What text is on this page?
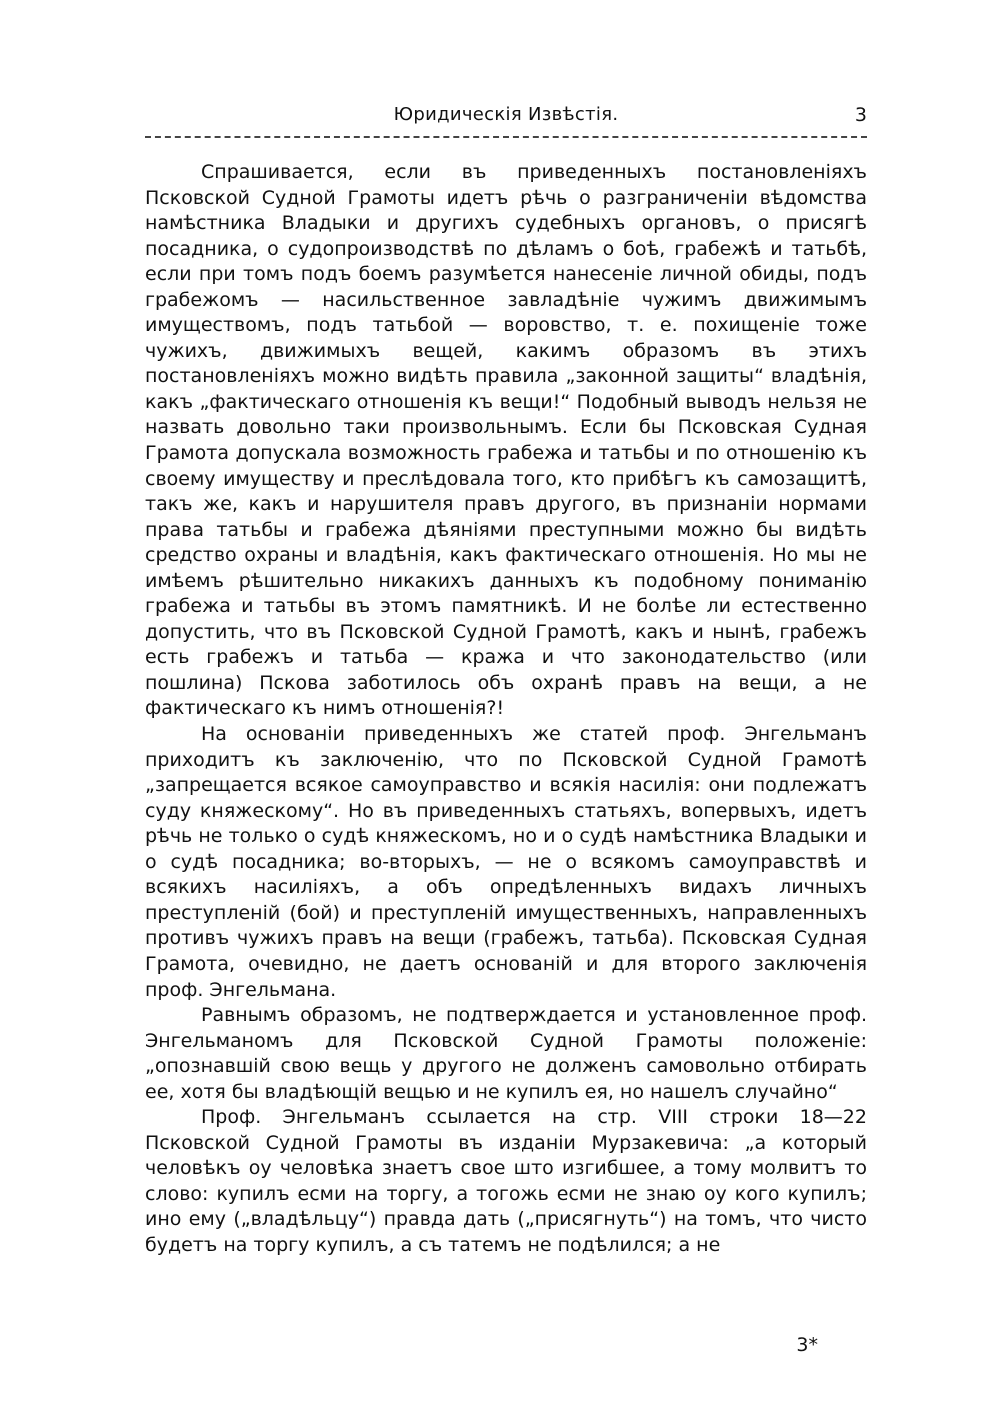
Юридическія Извѣстія.	3

Спрашивается, если въ приведенныхъ постановленіяхъ Псковской Судной Грамоты идетъ рѣчь о разграниченіи вѣдомства намѣстника Владыки и другихъ судебныхъ органовъ, о присягѣ посадника, о судопроизводствѣ по дѣламъ о боѣ, грабежѣ и татьбѣ, если при томъ подъ боемъ разумѣется нанесеніе личной обиды, подъ грабежомъ — насильственное завладѣніе чужимъ движимымъ имуществомъ, подъ татьбой — воровство, т. е. похищеніе тоже чужихъ, движимыхъ вещей, какимъ образомъ въ этихъ постановленіяхъ можно видѣть правила „законной защиты“ владѣнія, какъ „фактическаго отношенія къ вещи!“ Подобный выводъ нельзя не назвать довольно таки произвольнымъ. Если бы Псковская Судная Грамота допускала возможность грабежа и татьбы и по отношенію къ своему имуществу и преслѣдовала того, кто прибѣгъ къ самозащитѣ, такъ же, какъ и нарушителя правъ другого, въ признаніи нормами права татьбы и грабежа дѣяніями преступными можно бы видѣть средство охраны и владѣнія, какъ фактическаго отношенія. Но мы не имѣемъ рѣшительно никакихъ данныхъ къ подобному пониманію грабежа и татьбы въ этомъ памятникѣ. И не болѣе ли естественно допустить, что въ Псковской Судной Грамотѣ, какъ и нынѣ, грабежъ есть грабежъ и татьба — кража и что законодательство (или пошлина) Пскова заботилось объ охранѣ правъ на вещи, а не фактическаго къ нимъ отношенія?!

На основаніи приведенныхъ же статей проф. Энгельманъ приходитъ къ заключенію, что по Псковской Судной Грамотѣ „запрещается всякое самоуправство и всякія насилія: они подлежатъ суду княжескому“. Но въ приведенныхъ статьяхъ, вопервыхъ, идетъ рѣчь не только о судѣ княжескомъ, но и о судѣ намѣстника Владыки и о судѣ посадника; во-вторыхъ, — не о всякомъ самоуправствѣ и всякихъ насиліяхъ, а объ опредѣленныхъ видахъ личныхъ преступленій (бой) и преступленій имущественныхъ, направленныхъ противъ чужихъ правъ на вещи (грабежъ, татьба). Псковская Судная Грамота, очевидно, не даетъ основаній и для второго заключенія проф. Энгельмана.

Равнымъ образомъ, не подтверждается и установленное проф. Энгельманомъ для Псковской Судной Грамоты положеніе: „опознавшій свою вещь у другого не долженъ самовольно отбирать ее, хотя бы владѣющій вещью и не купилъ ея, но нашелъ случайно“

Проф. Энгельманъ ссылается на стр. VIII строки 18—22 Псковской Судной Грамоты въ изданіи Мурзакевича: „а который человѣкъ оу человѣка знаетъ свое што изгибшее, а тому молвитъ то слово: купилъ есми на торгу, а тогожь есми не знаю оу кого купилъ; ино ему („владѣльцу“) правда дать („присягнуть“) на томъ, что чисто будетъ на торгу купилъ, а съ татемъ не подѣлился; а не

3*
